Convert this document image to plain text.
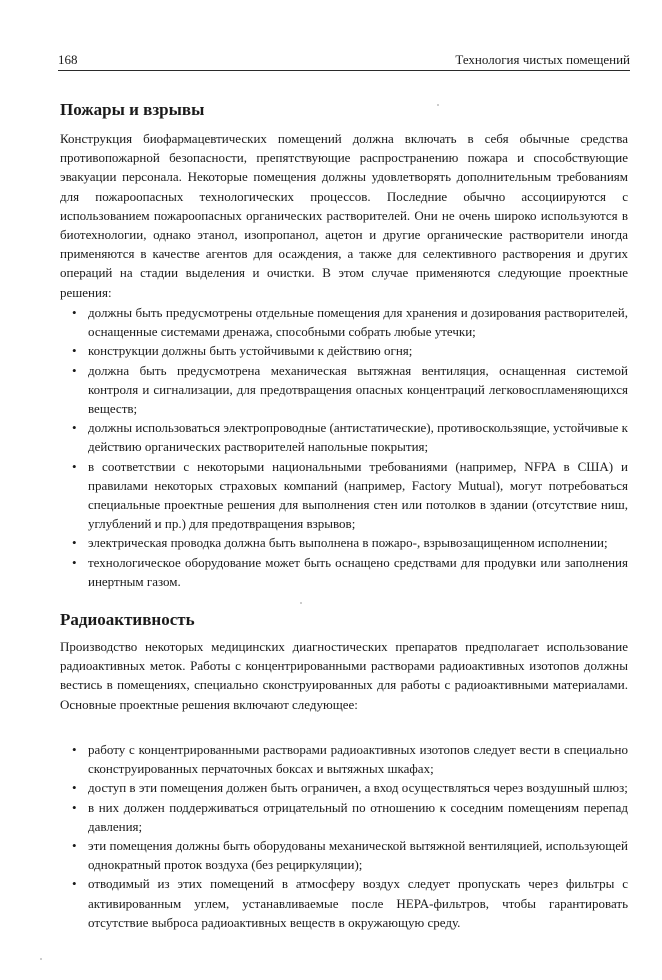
168	Технология чистых помещений
Пожары и взрывы

Конструкция биофармацевтических помещений должна включать в себя обычные средства противопожарной безопасности, препятствующие распространению пожара и способствующие эвакуации персонала. Некоторые помещения должны удовлетворять дополнительным требованиям для пожароопасных технологических процессов. Последние обычно ассоциируются с использованием пожароопасных органических растворителей. Они не очень широко используются в биотехнологии, однако этанол, изопропанол, ацетон и другие органические растворители иногда применяются в качестве агентов для осаждения, а также для селективного растворения и других операций на стадии выделения и очистки. В этом случае применяются следующие проектные решения:

• должны быть предусмотрены отдельные помещения для хранения и дозирования растворителей, оснащенные системами дренажа, способными собрать любые утечки;
• конструкции должны быть устойчивыми к действию огня;
• должна быть предусмотрена механическая вытяжная вентиляция, оснащенная системой контроля и сигнализации, для предотвращения опасных концентраций легковоспламеняющихся веществ;
• должны использоваться электропроводные (антистатические), противоскользящие, устойчивые к действию органических растворителей напольные покрытия;
• в соответствии с некоторыми национальными требованиями (например, NFPA в США) и правилами некоторых страховых компаний (например, Factory Mutual), могут потребоваться специальные проектные решения для выполнения стен или потолков в здании (отсутствие ниш, углублений и пр.) для предотвращения взрывов;
• электрическая проводка должна быть выполнена в пожаро-, взрывозащищенном исполнении;
• технологическое оборудование может быть оснащено средствами для продувки или заполнения инертным газом.
Радиоактивность

Производство некоторых медицинских диагностических препаратов предполагает использование радиоактивных меток. Работы с концентрированными растворами радиоактивных изотопов должны вестись в помещениях, специально сконструированных для работы с радиоактивными материалами. Основные проектные решения включают следующее:

• работу с концентрированными растворами радиоактивных изотопов следует вести в специально сконструированных перчаточных боксах и вытяжных шкафах;
• доступ в эти помещения должен быть ограничен, а вход осуществляться через воздушный шлюз;
• в них должен поддерживаться отрицательный по отношению к соседним помещениям перепад давления;
• эти помещения должны быть оборудованы механической вытяжной вентиляцией, использующей однократный проток воздуха (без рециркуляции);
• отводимый из этих помещений в атмосферу воздух следует пропускать через фильтры с активированным углем, устанавливаемые после HEPA-фильтров, чтобы гарантировать отсутствие выброса радиоактивных веществ в окружающую среду.
